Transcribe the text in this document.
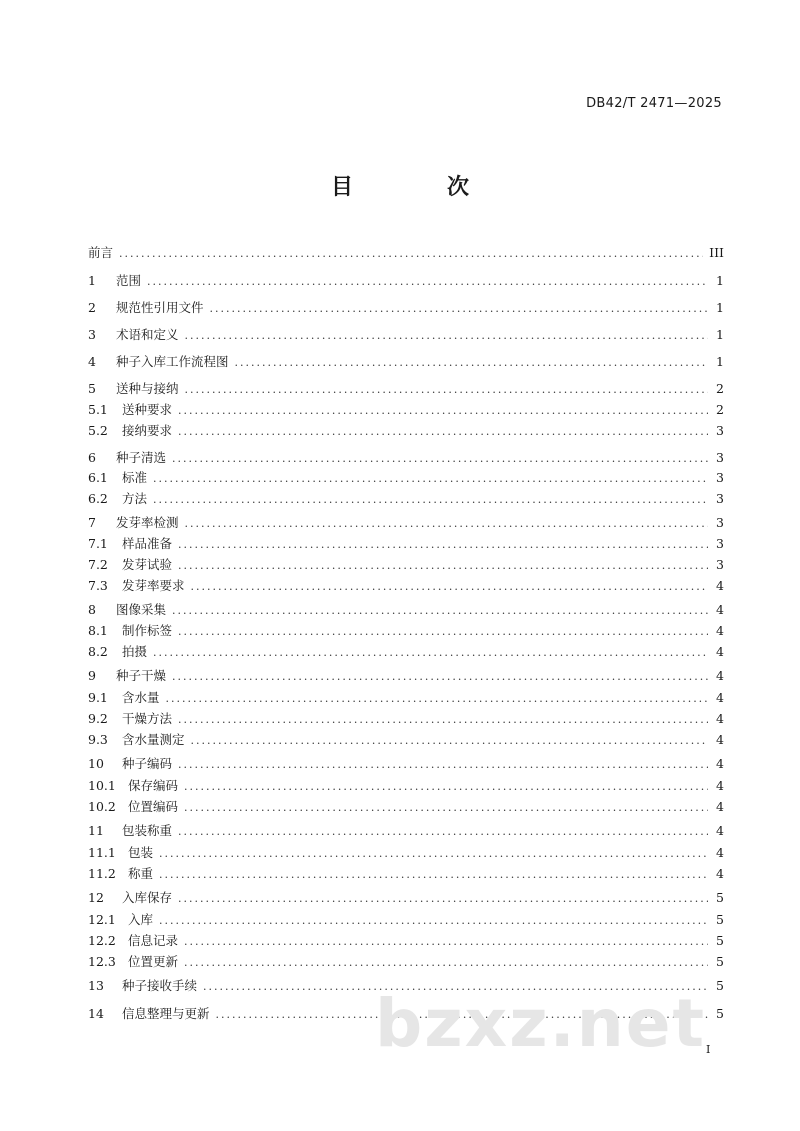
DB42/T 2471—2025
目　次
前言 .....	III
1	范围 .....	1
2	规范性引用文件 .....	1
3	术语和定义 .....	1
4	种子入库工作流程图 .....	1
5	送种与接纳 .....	2
5.1	送种要求 .....	2
5.2	接纳要求 .....	3
6	种子清选 .....	3
6.1	标准 .....	3
6.2	方法 .....	3
7	发芽率检测 .....	3
7.1	样品准备 .....	3
7.2	发芽试验 .....	3
7.3	发芽率要求 .....	4
8	图像采集 .....	4
8.1	制作标签 .....	4
8.2	拍摄 .....	4
9	种子干燥 .....	4
9.1	含水量 .....	4
9.2	干燥方法 .....	4
9.3	含水量测定 .....	4
10	种子编码 .....	4
10.1 保存编码 .....	4
10.2 位置编码 .....	4
11	包装称重 .....	4
11.1 包装 .....	4
11.2 称重 .....	4
12	入库保存 .....	5
12.1 入库 .....	5
12.2 信息记录 .....	5
12.3 位置更新 .....	5
13	种子接收手续 .....	5
14	信息整理与更新 .....	5
bzxz.net I
